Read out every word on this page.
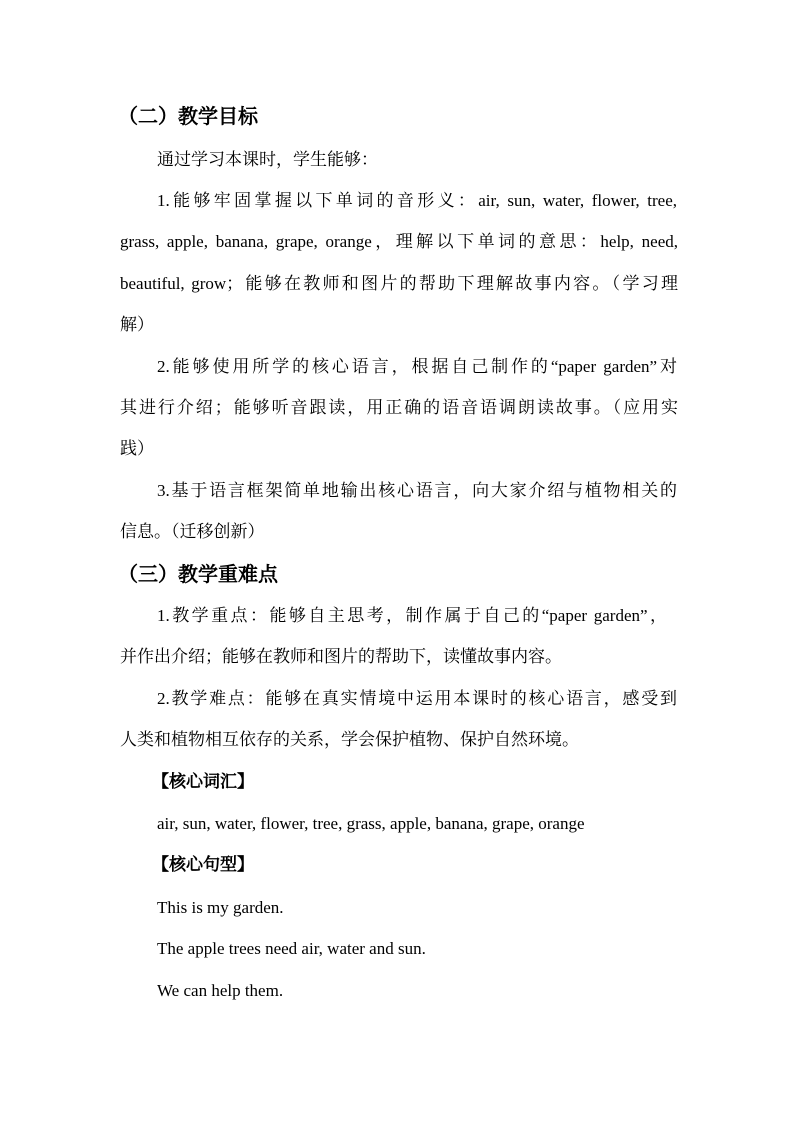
（二）教学目标
通过学习本课时，学生能够：
1.能够牢固掌握以下单词的音形义：air, sun, water, flower, tree,
grass, apple, banana, grape, orange，理解以下单词的意思：help, need,
beautiful, grow；能够在教师和图片的帮助下理解故事内容。（学习理
解）
2.能够使用所学的核心语言，根据自己制作的“paper garden”对
其进行介绍；能够听音跟读，用正确的语音语调朗读故事。（应用实
践）
3.基于语言框架简单地输出核心语言，向大家介绍与植物相关的
信息。（迁移创新）
（三）教学重难点
1.教学重点：能够自主思考，制作属于自己的“paper garden”，
并作出介绍；能够在教师和图片的帮助下，读懂故事内容。
2.教学难点：能够在真实情境中运用本课时的核心语言，感受到
人类和植物相互依存的关系，学会保护植物、保护自然环境。
【核心词汇】
air, sun, water, flower, tree, grass, apple, banana, grape, orange
【核心句型】
This is my garden.
The apple trees need air, water and sun.
We can help them.
